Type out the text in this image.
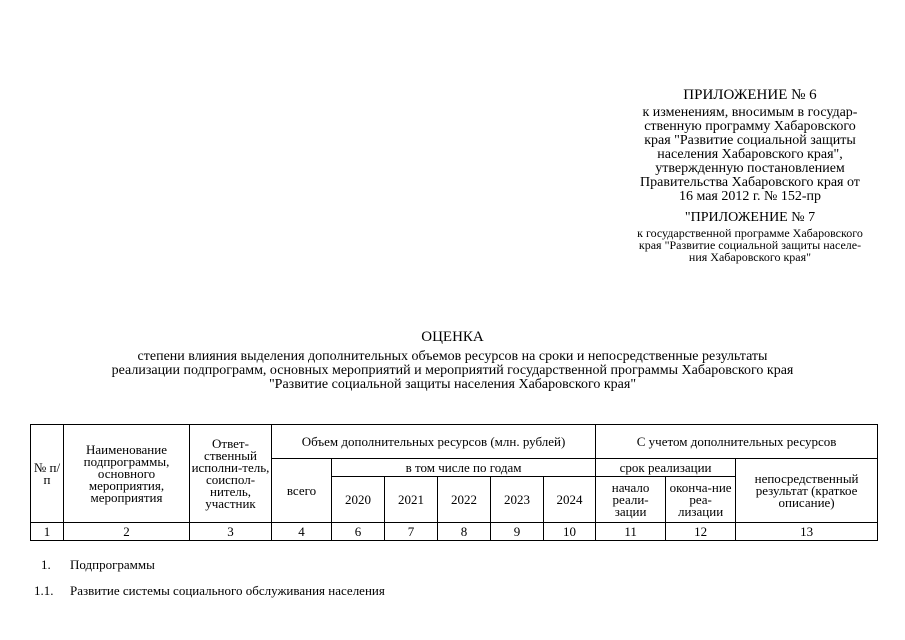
ПРИЛОЖЕНИЕ № 6
к изменениям, вносимым в государ-
ственную программу Хабаровского
края "Развитие социальной защиты
населения Хабаровского края",
утвержденную постановлением
Правительства Хабаровского края от
16 мая 2012 г. № 152-пр
"ПРИЛОЖЕНИЕ № 7
к государственной программе Хабаровского
края "Развитие социальной защиты населе-
ния Хабаровского края"
ОЦЕНКА
степени влияния выделения дополнительных объемов ресурсов на сроки и непосредственные результаты
реализации подпрограмм, основных мероприятий и мероприятий государственной программы Хабаровского края
"Развитие социальной защиты населения Хабаровского края"
№ п/п	Наименование подпрограммы, основного мероприятия, мероприятия	Ответ-ственный исполни-тель, соиспол-нитель, участник	Объем дополнительных ресурсов (млн. рублей)						С учетом дополнительных ресурсов		
			всего	в том числе по годам					срок реализации		непосредственный результат (краткое описание)
				2020	2021	2022	2023	2024	начало реали-зации	оконча-ние реа-лизации	
1	2	3	4	6	7	8	9	10	11	12	13
1. Подпрограммы
1.1. Развитие системы социального обслуживания населения
